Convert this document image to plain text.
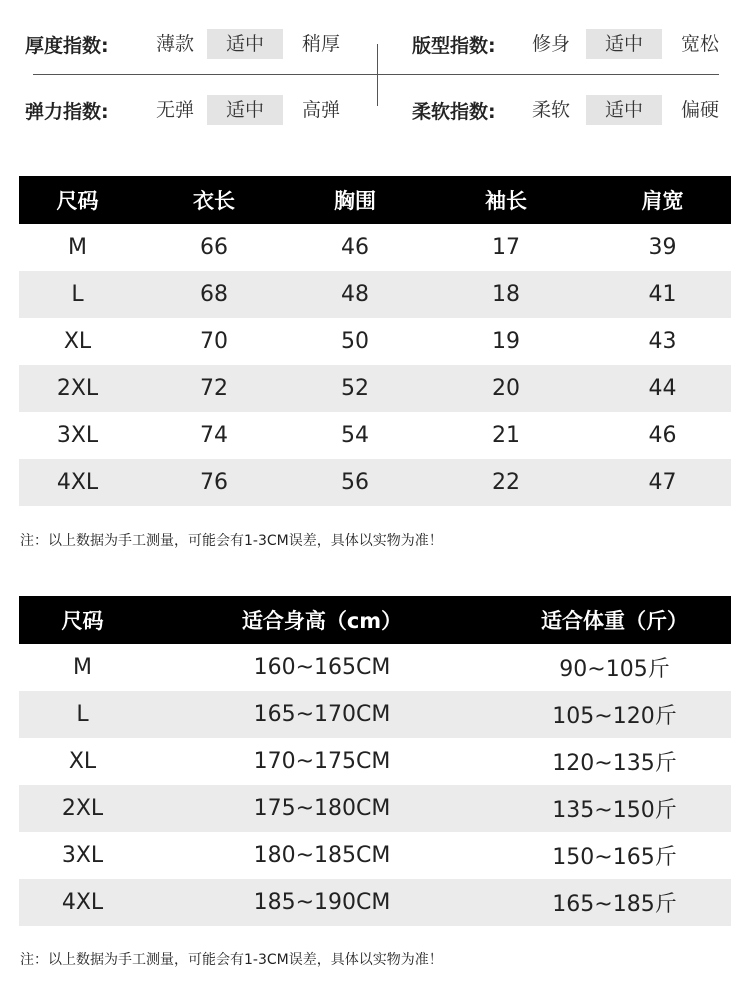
厚度指数:	薄款	适中	稍厚	版型指数:	修身	适中	宽松
弹力指数:	无弹	适中	高弹	柔软指数:	柔软	适中	偏硬
尺码	衣长	胸围	袖长	肩宽
M	66	46	17	39
L	68	48	18	41
XL	70	50	19	43
2XL	72	52	20	44
3XL	74	54	21	46
4XL	76	56	22	47
注：以上数据为手工测量，可能会有1-3CM误差，具体以实物为准！
尺码	适合身高（cm）	适合体重（斤）
M	160~165CM	90~105斤
L	165~170CM	105~120斤
XL	170~175CM	120~135斤
2XL	175~180CM	135~150斤
3XL	180~185CM	150~165斤
4XL	185~190CM	165~185斤
注：以上数据为手工测量，可能会有1-3CM误差，具体以实物为准！
